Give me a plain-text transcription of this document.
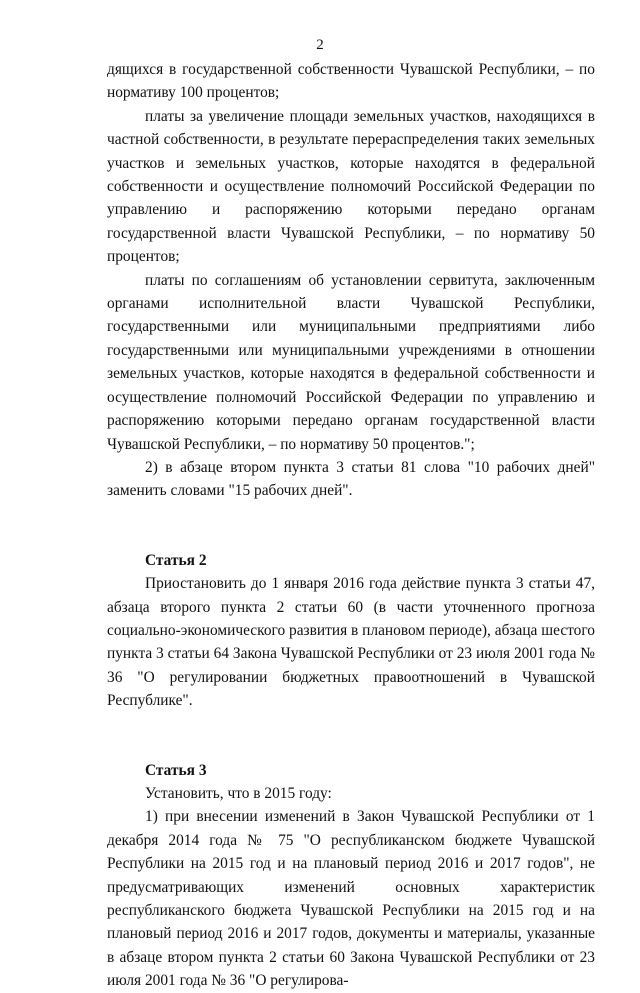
2

дящихся в государственной собственности Чувашской Республики, – по нормативу 100 процентов;

платы за увеличение площади земельных участков, находящихся в частной собственности, в результате перераспределения таких земельных участков и земельных участков, которые находятся в федеральной собственности и осуществление полномочий Российской Федерации по управлению и распоряжению которыми передано органам государственной власти Чувашской Республики, – по нормативу 50 процентов;

платы по соглашениям об установлении сервитута, заключенным органами исполнительной власти Чувашской Республики, государственными или муниципальными предприятиями либо государственными или муниципальными учреждениями в отношении земельных участков, которые находятся в федеральной собственности и осуществление полномочий Российской Федерации по управлению и распоряжению которыми передано органам государственной власти Чувашской Республики, – по нормативу 50 процентов.";

2) в абзаце втором пункта 3 статьи 81 слова "10 рабочих дней" заменить словами "15 рабочих дней".

Статья 2

Приостановить до 1 января 2016 года действие пункта 3 статьи 47, абзаца второго пункта 2 статьи 60 (в части уточненного прогноза социально-экономического развития в плановом периоде), абзаца шестого пункта 3 статьи 64 Закона Чувашской Республики от 23 июля 2001 года № 36 "О регулировании бюджетных правоотношений в Чувашской Республике".

Статья 3

Установить, что в 2015 году:

1) при внесении изменений в Закон Чувашской Республики от 1 декабря 2014 года № 75 "О республиканском бюджете Чувашской Республики на 2015 год и на плановый период 2016 и 2017 годов", не предусматривающих изменений основных характеристик республиканского бюджета Чувашской Республики на 2015 год и на плановый период 2016 и 2017 годов, документы и материалы, указанные в абзаце втором пункта 2 статьи 60 Закона Чувашской Республики от 23 июля 2001 года № 36 "О регулирова-
